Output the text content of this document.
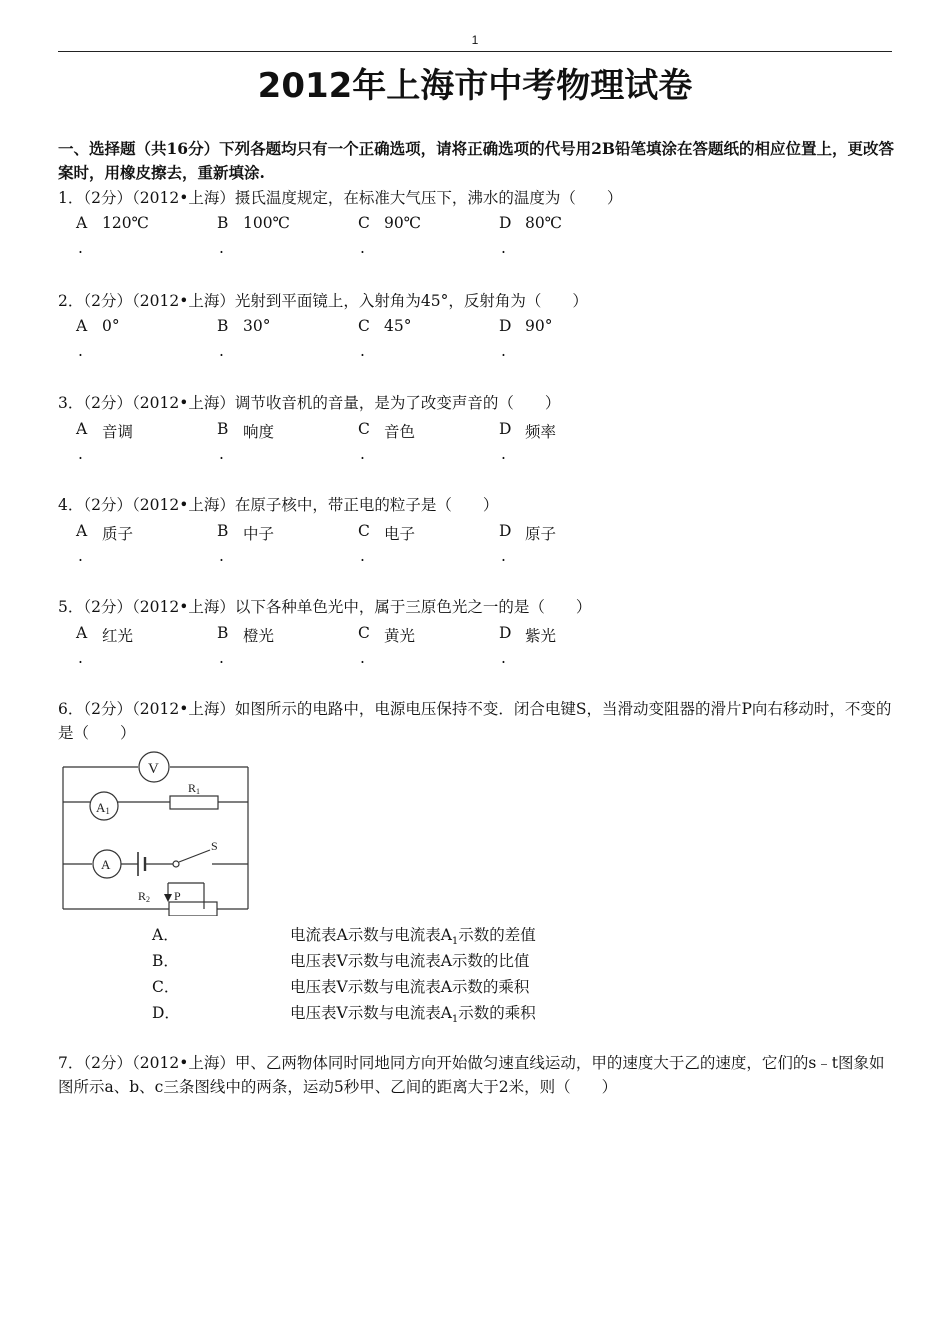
1
2012年上海市中考物理试卷
一、选择题（共16分）下列各题均只有一个正确选项，请将正确选项的代号用2B铅笔填涂在答题纸的相应位置上，更改答案时，用橡皮擦去，重新填涂.
1．（2分）（2012•上海）摄氏温度规定，在标准大气压下，沸水的温度为（　　）
A 120℃
.
B 100℃
.
C 90℃
.
D 80℃
.
2．（2分）（2012•上海）光射到平面镜上，入射角为45°，反射角为（　　）
A 0°
.
B 30°
.
C 45°
.
D 90°
.
3．（2分）（2012•上海）调节收音机的音量，是为了改变声音的（　　）
A 音调
.
B 响度
.
C 音色
.
D 频率
.
4．（2分）（2012•上海）在原子核中，带正电的粒子是（　　）
A 质子
.
B 中子
.
C 电子
.
D 原子
.
5．（2分）（2012•上海）以下各种单色光中，属于三原色光之一的是（　　）
A 红光
.
B 橙光
.
C 黄光
.
D 紫光
.
6．（2分）（2012•上海）如图所示的电路中，电源电压保持不变．闭合电键S，当滑动变阻器的滑片P向右移动时，不变的是（　　）
V
A1
R1
A
S
R2 P
A．	电流表A示数与电流表$A_1$示数的差值
B．	电压表V示数与电流表A示数的比值
C．	电压表V示数与电流表A示数的乘积
D．	电压表V示数与电流表$A_1$示数的乘积
7．（2分）（2012•上海）甲、乙两物体同时同地同方向开始做匀速直线运动，甲的速度大于乙的速度，它们的s﹣t图象如图所示a、b、c三条图线中的两条，运动5秒甲、乙间的距离大于2米，则（　　）
